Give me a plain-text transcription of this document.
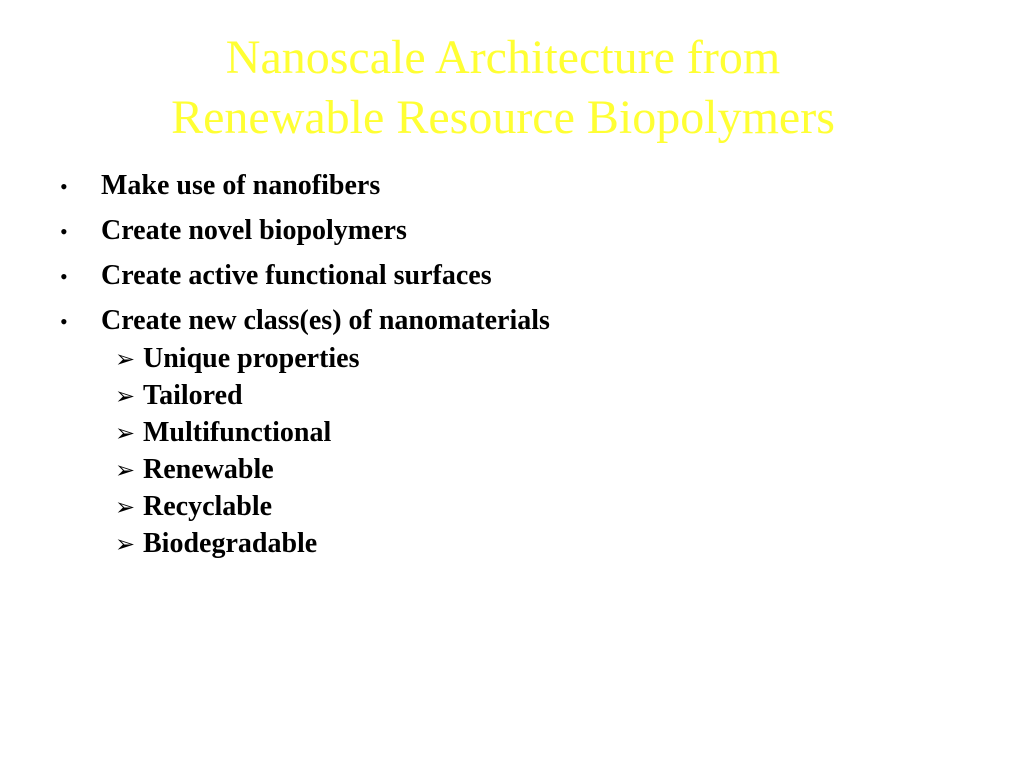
Nanoscale Architecture from
Renewable Resource Biopolymers
•	Make use of nanofibers
•	Create novel biopolymers
•	Create active functional surfaces
•	Create new class(es) of nanomaterials
➢ Unique properties
➢ Tailored
➢ Multifunctional
➢ Renewable
➢ Recyclable
➢ Biodegradable
